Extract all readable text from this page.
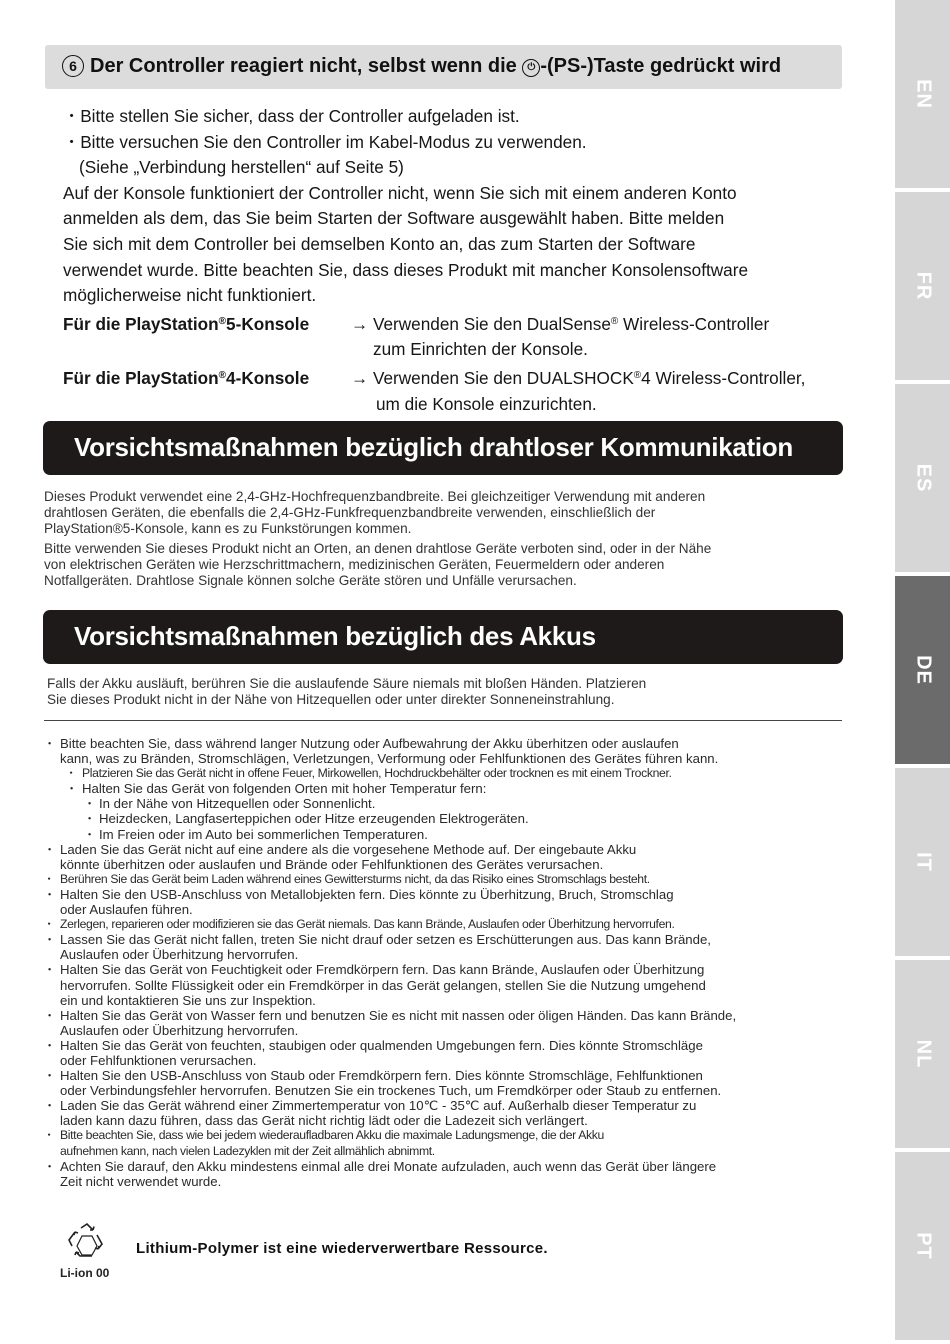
6 Der Controller reagiert nicht, selbst wenn die ⏻ -(PS-)Taste gedrückt wird
・Bitte stellen Sie sicher, dass der Controller aufgeladen ist.
・Bitte versuchen Sie den Controller im Kabel-Modus zu verwenden.
(Siehe „Verbindung herstellen“ auf Seite 5)
Auf der Konsole funktioniert der Controller nicht, wenn Sie sich mit einem anderen Konto
anmelden als dem, das Sie beim Starten der Software ausgewählt haben. Bitte melden
Sie sich mit dem Controller bei demselben Konto an, das zum Starten der Software
verwendet wurde. Bitte beachten Sie, dass dieses Produkt mit mancher Konsolensoftware
möglicherweise nicht funktioniert.
Für die PlayStation®5-Konsole	→ Verwenden Sie den DualSense® Wireless-Controller
zum Einrichten der Konsole.
Für die PlayStation®4-Konsole	→ Verwenden Sie den DUALSHOCK®4 Wireless-Controller,
um die Konsole einzurichten.
Vorsichtsmaßnahmen bezüglich drahtloser Kommunikation

Dieses Produkt verwendet eine 2,4-GHz-Hochfrequenzbandbreite. Bei gleichzeitiger Verwendung mit anderen

drahtlosen Geräten, die ebenfalls die 2,4-GHz-Funkfrequenzbandbreite verwenden, einschließlich der

PlayStation®5-Konsole, kann es zu Funkstörungen kommen.

Bitte verwenden Sie dieses Produkt nicht an Orten, an denen drahtlose Geräte verboten sind, oder in der Nähe

von elektrischen Geräten wie Herzschrittmachern, medizinischen Geräten, Feuermeldern oder anderen

Notfallgeräten. Drahtlose Signale können solche Geräte stören und Unfälle verursachen.

Vorsichtsmaßnahmen bezüglich des Akkus

Falls der Akku ausläuft, berühren Sie die auslaufende Säure niemals mit bloßen Händen. Platzieren

Sie dieses Produkt nicht in der Nähe von Hitzequellen oder unter direkter Sonneneinstrahlung.

・ Bitte beachten Sie, dass während langer Nutzung oder Aufbewahrung der Akku überhitzen oder auslaufen
kann, was zu Bränden, Stromschlägen, Verletzungen, Verformung oder Fehlfunktionen des Gerätes führen kann.
・ Platzieren Sie das Gerät nicht in offene Feuer, Mirkowellen, Hochdruckbehälter oder trocknen es mit einem Trockner.
・ Halten Sie das Gerät von folgenden Orten mit hoher Temperatur fern:
・ In der Nähe von Hitzequellen oder Sonnenlicht.
・ Heizdecken, Langfaserteppichen oder Hitze erzeugenden Elektrogeräten.
・ Im Freien oder im Auto bei sommerlichen Temperaturen.
・ Laden Sie das Gerät nicht auf eine andere als die vorgesehene Methode auf. Der eingebaute Akku
könnte überhitzen oder auslaufen und Brände oder Fehlfunktionen des Gerätes verursachen.
・ Berühren Sie das Gerät beim Laden während eines Gewittersturms nicht, da das Risiko eines Stromschlags besteht.
・ Halten Sie den USB-Anschluss von Metallobjekten fern. Dies könnte zu Überhitzung, Bruch, Stromschlag
oder Auslaufen führen.
・ Zerlegen, reparieren oder modifizieren sie das Gerät niemals. Das kann Brände, Auslaufen oder Überhitzung hervorrufen.
・ Lassen Sie das Gerät nicht fallen, treten Sie nicht drauf oder setzen es Erschütterungen aus. Das kann Brände,
Auslaufen oder Überhitzung hervorrufen.
・ Halten Sie das Gerät von Feuchtigkeit oder Fremdkörpern fern. Das kann Brände, Auslaufen oder Überhitzung
hervorrufen. Sollte Flüssigkeit oder ein Fremdkörper in das Gerät gelangen, stellen Sie die Nutzung umgehend
ein und kontaktieren Sie uns zur Inspektion.
・ Halten Sie das Gerät von Wasser fern und benutzen Sie es nicht mit nassen oder öligen Händen. Das kann Brände,
Auslaufen oder Überhitzung hervorrufen.
・ Halten Sie das Gerät von feuchten, staubigen oder qualmenden Umgebungen fern. Dies könnte Stromschläge
oder Fehlfunktionen verursachen.
・ Halten Sie den USB-Anschluss von Staub oder Fremdkörpern fern. Dies könnte Stromschläge, Fehlfunktionen
oder Verbindungsfehler hervorrufen. Benutzen Sie ein trockenes Tuch, um Fremdkörper oder Staub zu entfernen.
・ Laden Sie das Gerät während einer Zimmertemperatur von 10℃ - 35℃ auf. Außerhalb dieser Temperatur zu
laden kann dazu führen, dass das Gerät nicht richtig lädt oder die Ladezeit sich verlängert.
・ Bitte beachten Sie, dass wie bei jedem wiederaufladbaren Akku die maximale Ladungsmenge, die der Akku
aufnehmen kann, nach vielen Ladezyklen mit der Zeit allmählich abnimmt.
・ Achten Sie darauf, den Akku mindestens einmal alle drei Monate aufzuladen, auch wenn das Gerät über längere
Zeit nicht verwendet wurde.
Li-ion 00
Lithium-Polymer ist eine wiederverwertbare Ressource.
EN
FR
ES
DE
IT
NL
PT
